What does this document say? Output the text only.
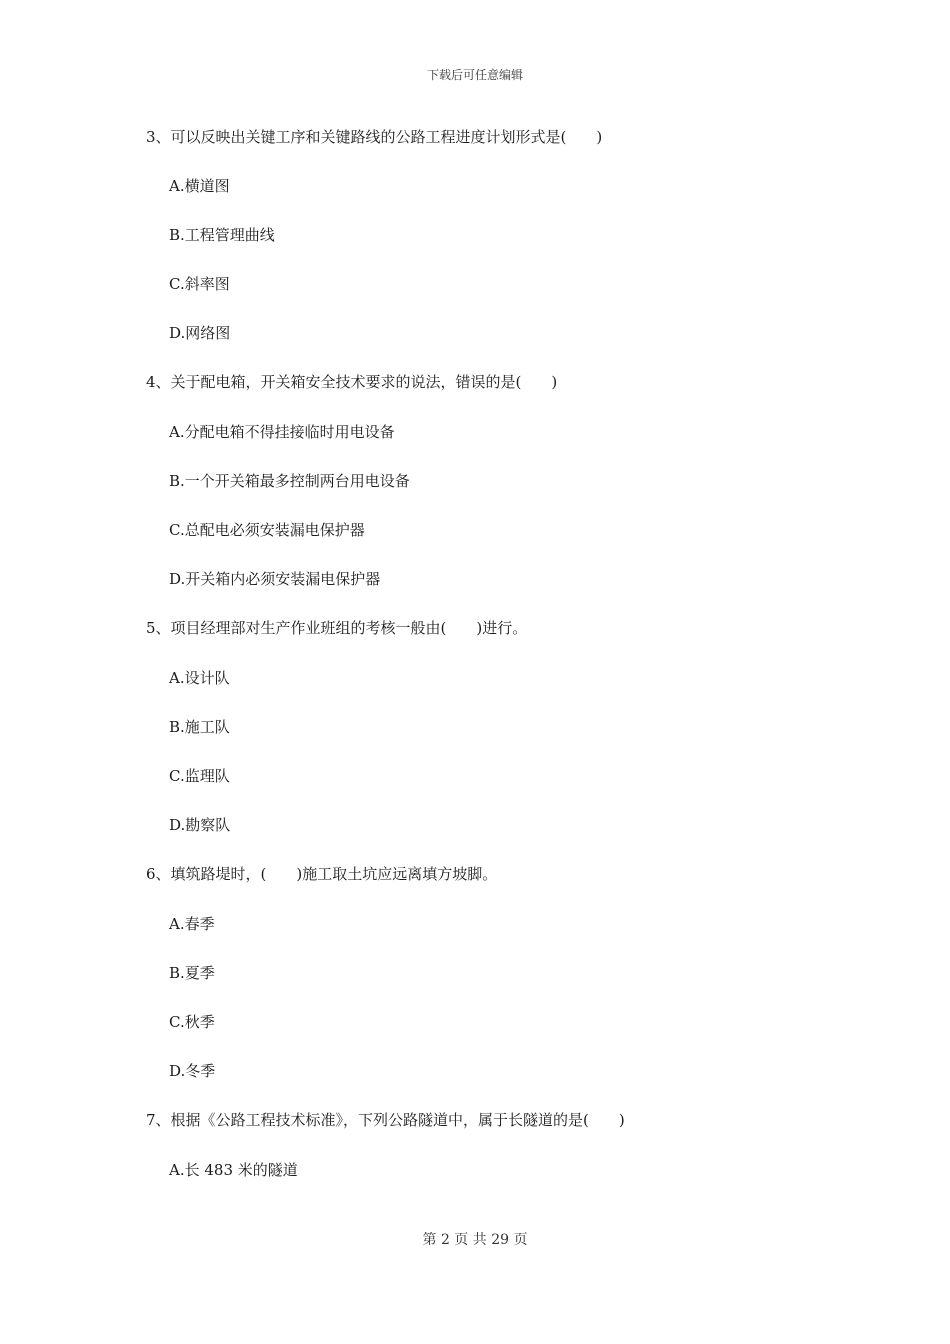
下载后可任意编辑
3、可以反映出关键工序和关键路线的公路工程进度计划形式是(　　)
A.横道图
B.工程管理曲线
C.斜率图
D.网络图
4、关于配电箱，开关箱安全技术要求的说法，错误的是(　　)
A.分配电箱不得挂接临时用电设备
B.一个开关箱最多控制两台用电设备
C.总配电必须安装漏电保护器
D.开关箱内必须安装漏电保护器
5、项目经理部对生产作业班组的考核一般由(　　)进行。
A.设计队
B.施工队
C.监理队
D.勘察队
6、填筑路堤时，(　　)施工取土坑应远离填方坡脚。
A.春季
B.夏季
C.秋季
D.冬季
7、根据《公路工程技术标准》，下列公路隧道中，属于长隧道的是(　　)
A.长 483 米的隧道
第 2 页 共 29 页
